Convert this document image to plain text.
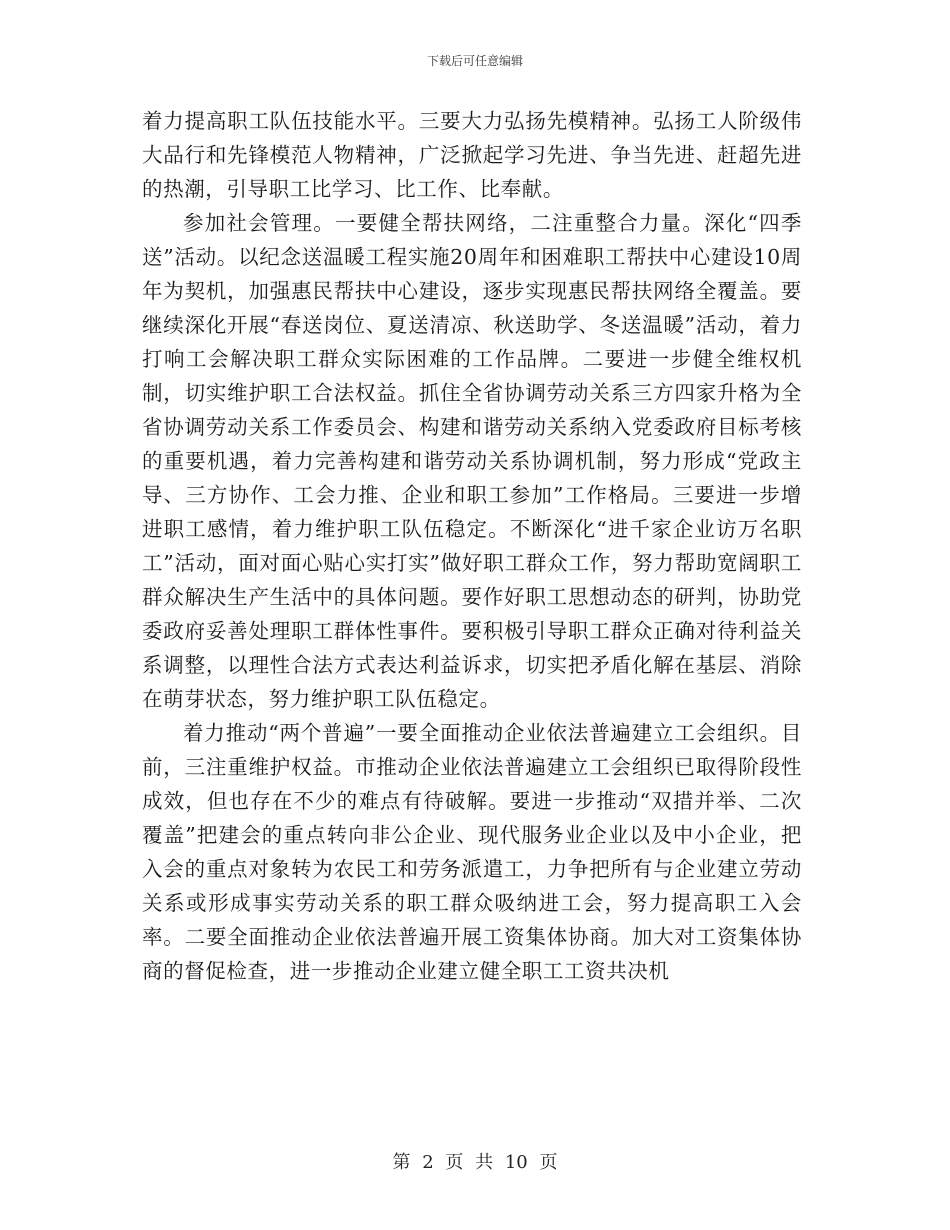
下载后可任意编辑

着力提高职工队伍技能水平。三要大力弘扬先模精神。弘扬工人阶级伟大品行和先锋模范人物精神，广泛掀起学习先进、争当先进、赶超先进的热潮，引导职工比学习、比工作、比奉献。

参加社会管理。一要健全帮扶网络，二注重整合力量。深化“四季送”活动。以纪念送温暖工程实施20周年和困难职工帮扶中心建设10周年为契机，加强惠民帮扶中心建设，逐步实现惠民帮扶网络全覆盖。要继续深化开展“春送岗位、夏送清凉、秋送助学、冬送温暖”活动，着力打响工会解决职工群众实际困难的工作品牌。二要进一步健全维权机制，切实维护职工合法权益。抓住全省协调劳动关系三方四家升格为全省协调劳动关系工作委员会、构建和谐劳动关系纳入党委政府目标考核的重要机遇，着力完善构建和谐劳动关系协调机制，努力形成“党政主导、三方协作、工会力推、企业和职工参加”工作格局。三要进一步增进职工感情，着力维护职工队伍稳定。不断深化“进千家企业访万名职工”活动，面对面心贴心实打实”做好职工群众工作，努力帮助宽阔职工群众解决生产生活中的具体问题。要作好职工思想动态的研判，协助党委政府妥善处理职工群体性事件。要积极引导职工群众正确对待利益关系调整，以理性合法方式表达利益诉求，切实把矛盾化解在基层、消除在萌芽状态，努力维护职工队伍稳定。

着力推动“两个普遍”一要全面推动企业依法普遍建立工会组织。目前，三注重维护权益。市推动企业依法普遍建立工会组织已取得阶段性成效，但也存在不少的难点有待破解。要进一步推动“双措并举、二次覆盖”把建会的重点转向非公企业、现代服务业企业以及中小企业，把入会的重点对象转为农民工和劳务派遣工，力争把所有与企业建立劳动关系或形成事实劳动关系的职工群众吸纳进工会，努力提高职工入会率。二要全面推动企业依法普遍开展工资集体协商。加大对工资集体协商的督促检查，进一步推动企业建立健全职工工资共决机

第 2 页 共 10 页
